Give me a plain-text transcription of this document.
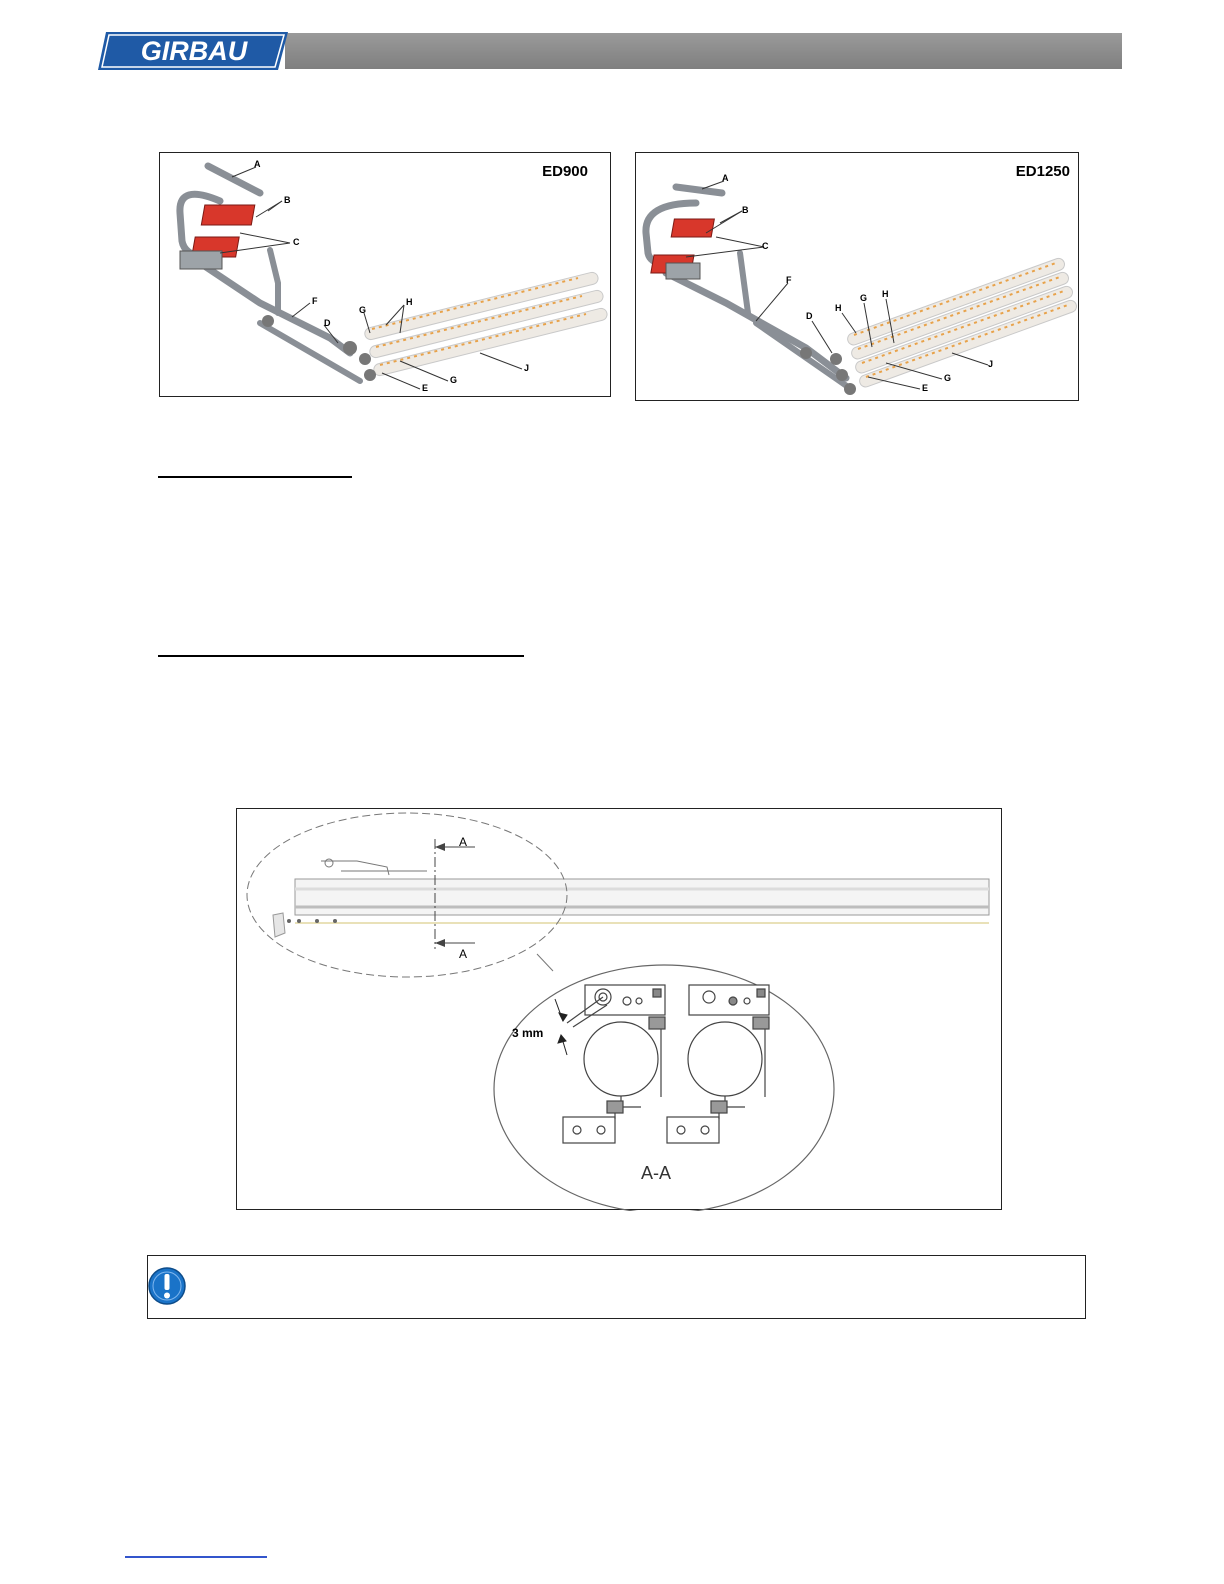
GIRBAU
ED900
A
B
C
F
D
G
H
E
G
J
ED1250
A
B
C
F
D
H
G H
E
G
J
A
A
3 mm
A-A
